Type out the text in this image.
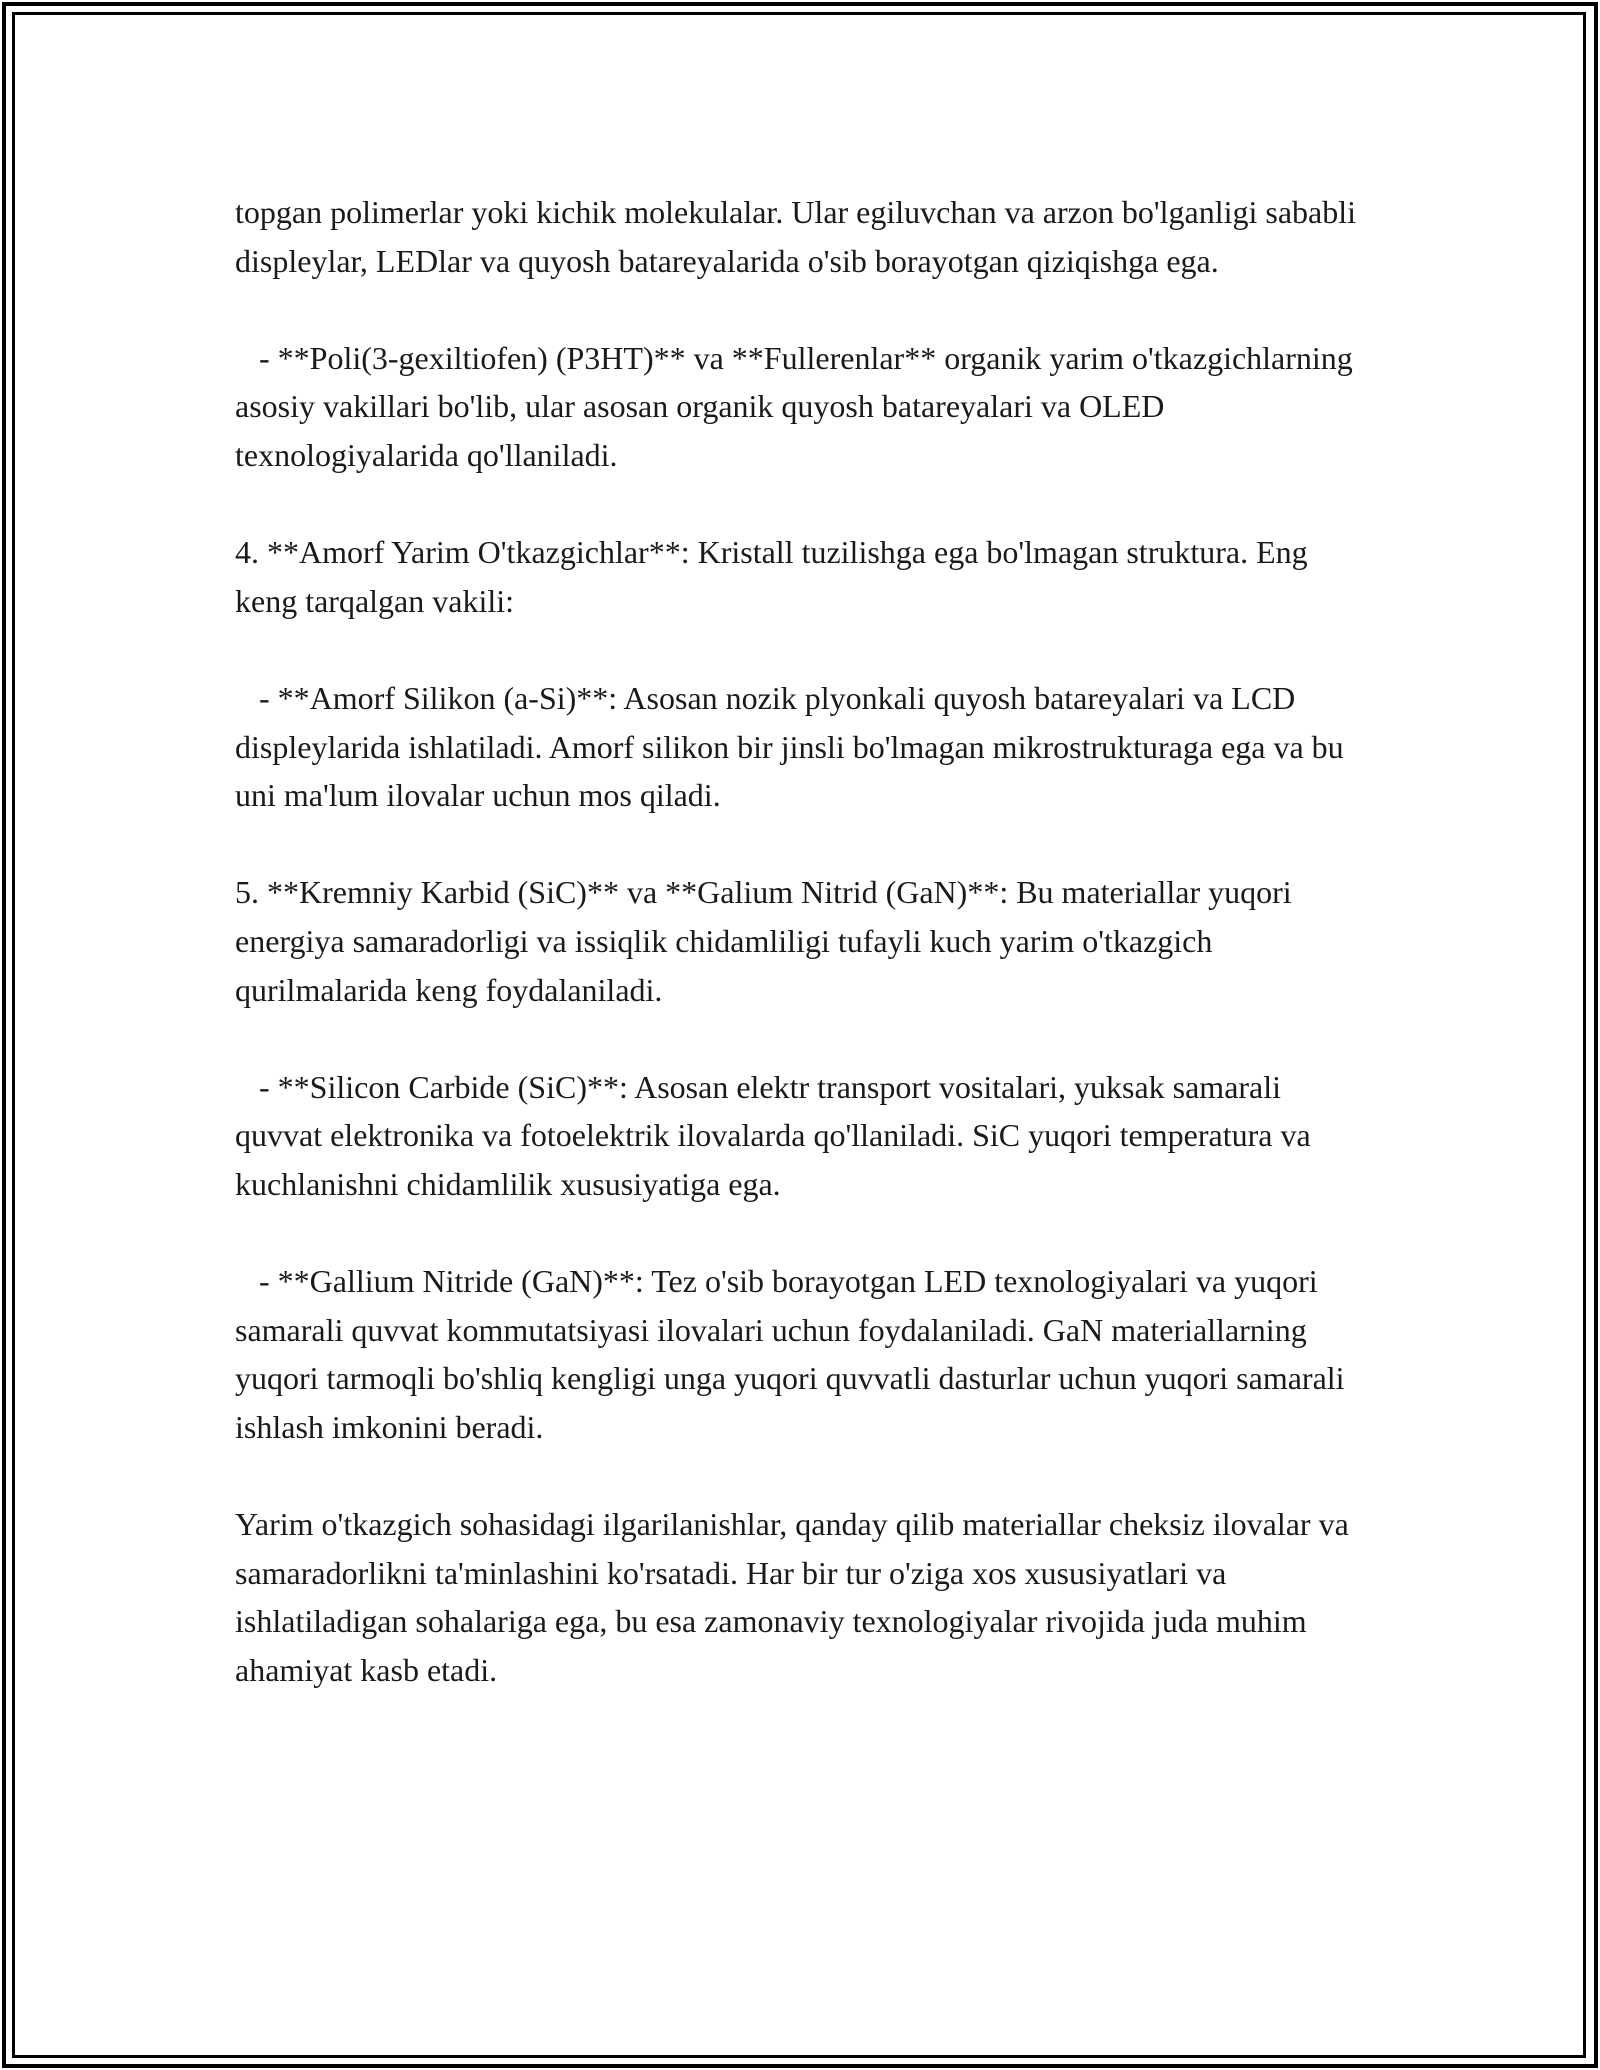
topgan polimerlar yoki kichik molekulalar. Ular egiluvchan va arzon bo'lganligi sababli displeylar, LEDlar va quyosh batareyalarida o'sib borayotgan qiziqishga ega.

- **Poli(3-gexiltiofen) (P3HT)** va **Fullerenlar** organik yarim o'tkazgichlarning asosiy vakillari bo'lib, ular asosan organik quyosh batareyalari va OLED texnologiyalarida qo'llaniladi.

4. **Amorf Yarim O'tkazgichlar**: Kristall tuzilishga ega bo'lmagan struktura. Eng keng tarqalgan vakili:

- **Amorf Silikon (a-Si)**: Asosan nozik plyonkali quyosh batareyalari va LCD displeylarida ishlatiladi. Amorf silikon bir jinsli bo'lmagan mikrostrukturaga ega va bu uni ma'lum ilovalar uchun mos qiladi.

5. **Kremniy Karbid (SiC)** va **Galium Nitrid (GaN)**: Bu materiallar yuqori energiya samaradorligi va issiqlik chidamliligi tufayli kuch yarim o'tkazgich qurilmalarida keng foydalaniladi.

- **Silicon Carbide (SiC)**: Asosan elektr transport vositalari, yuksak samarali quvvat elektronika va fotoelektrik ilovalarda qo'llaniladi. SiC yuqori temperatura va kuchlanishni chidamlilik xususiyatiga ega.

- **Gallium Nitride (GaN)**: Tez o'sib borayotgan LED texnologiyalari va yuqori samarali quvvat kommutatsiyasi ilovalari uchun foydalaniladi. GaN materiallarning yuqori tarmoqli bo'shliq kengligi unga yuqori quvvatli dasturlar uchun yuqori samarali ishlash imkonini beradi.

Yarim o'tkazgich sohasidagi ilgarilanishlar, qanday qilib materiallar cheksiz ilovalar va samaradorlikni ta'minlashini ko'rsatadi. Har bir tur o'ziga xos xususiyatlari va ishlatiladigan sohalariga ega, bu esa zamonaviy texnologiyalar rivojida juda muhim ahamiyat kasb etadi.
